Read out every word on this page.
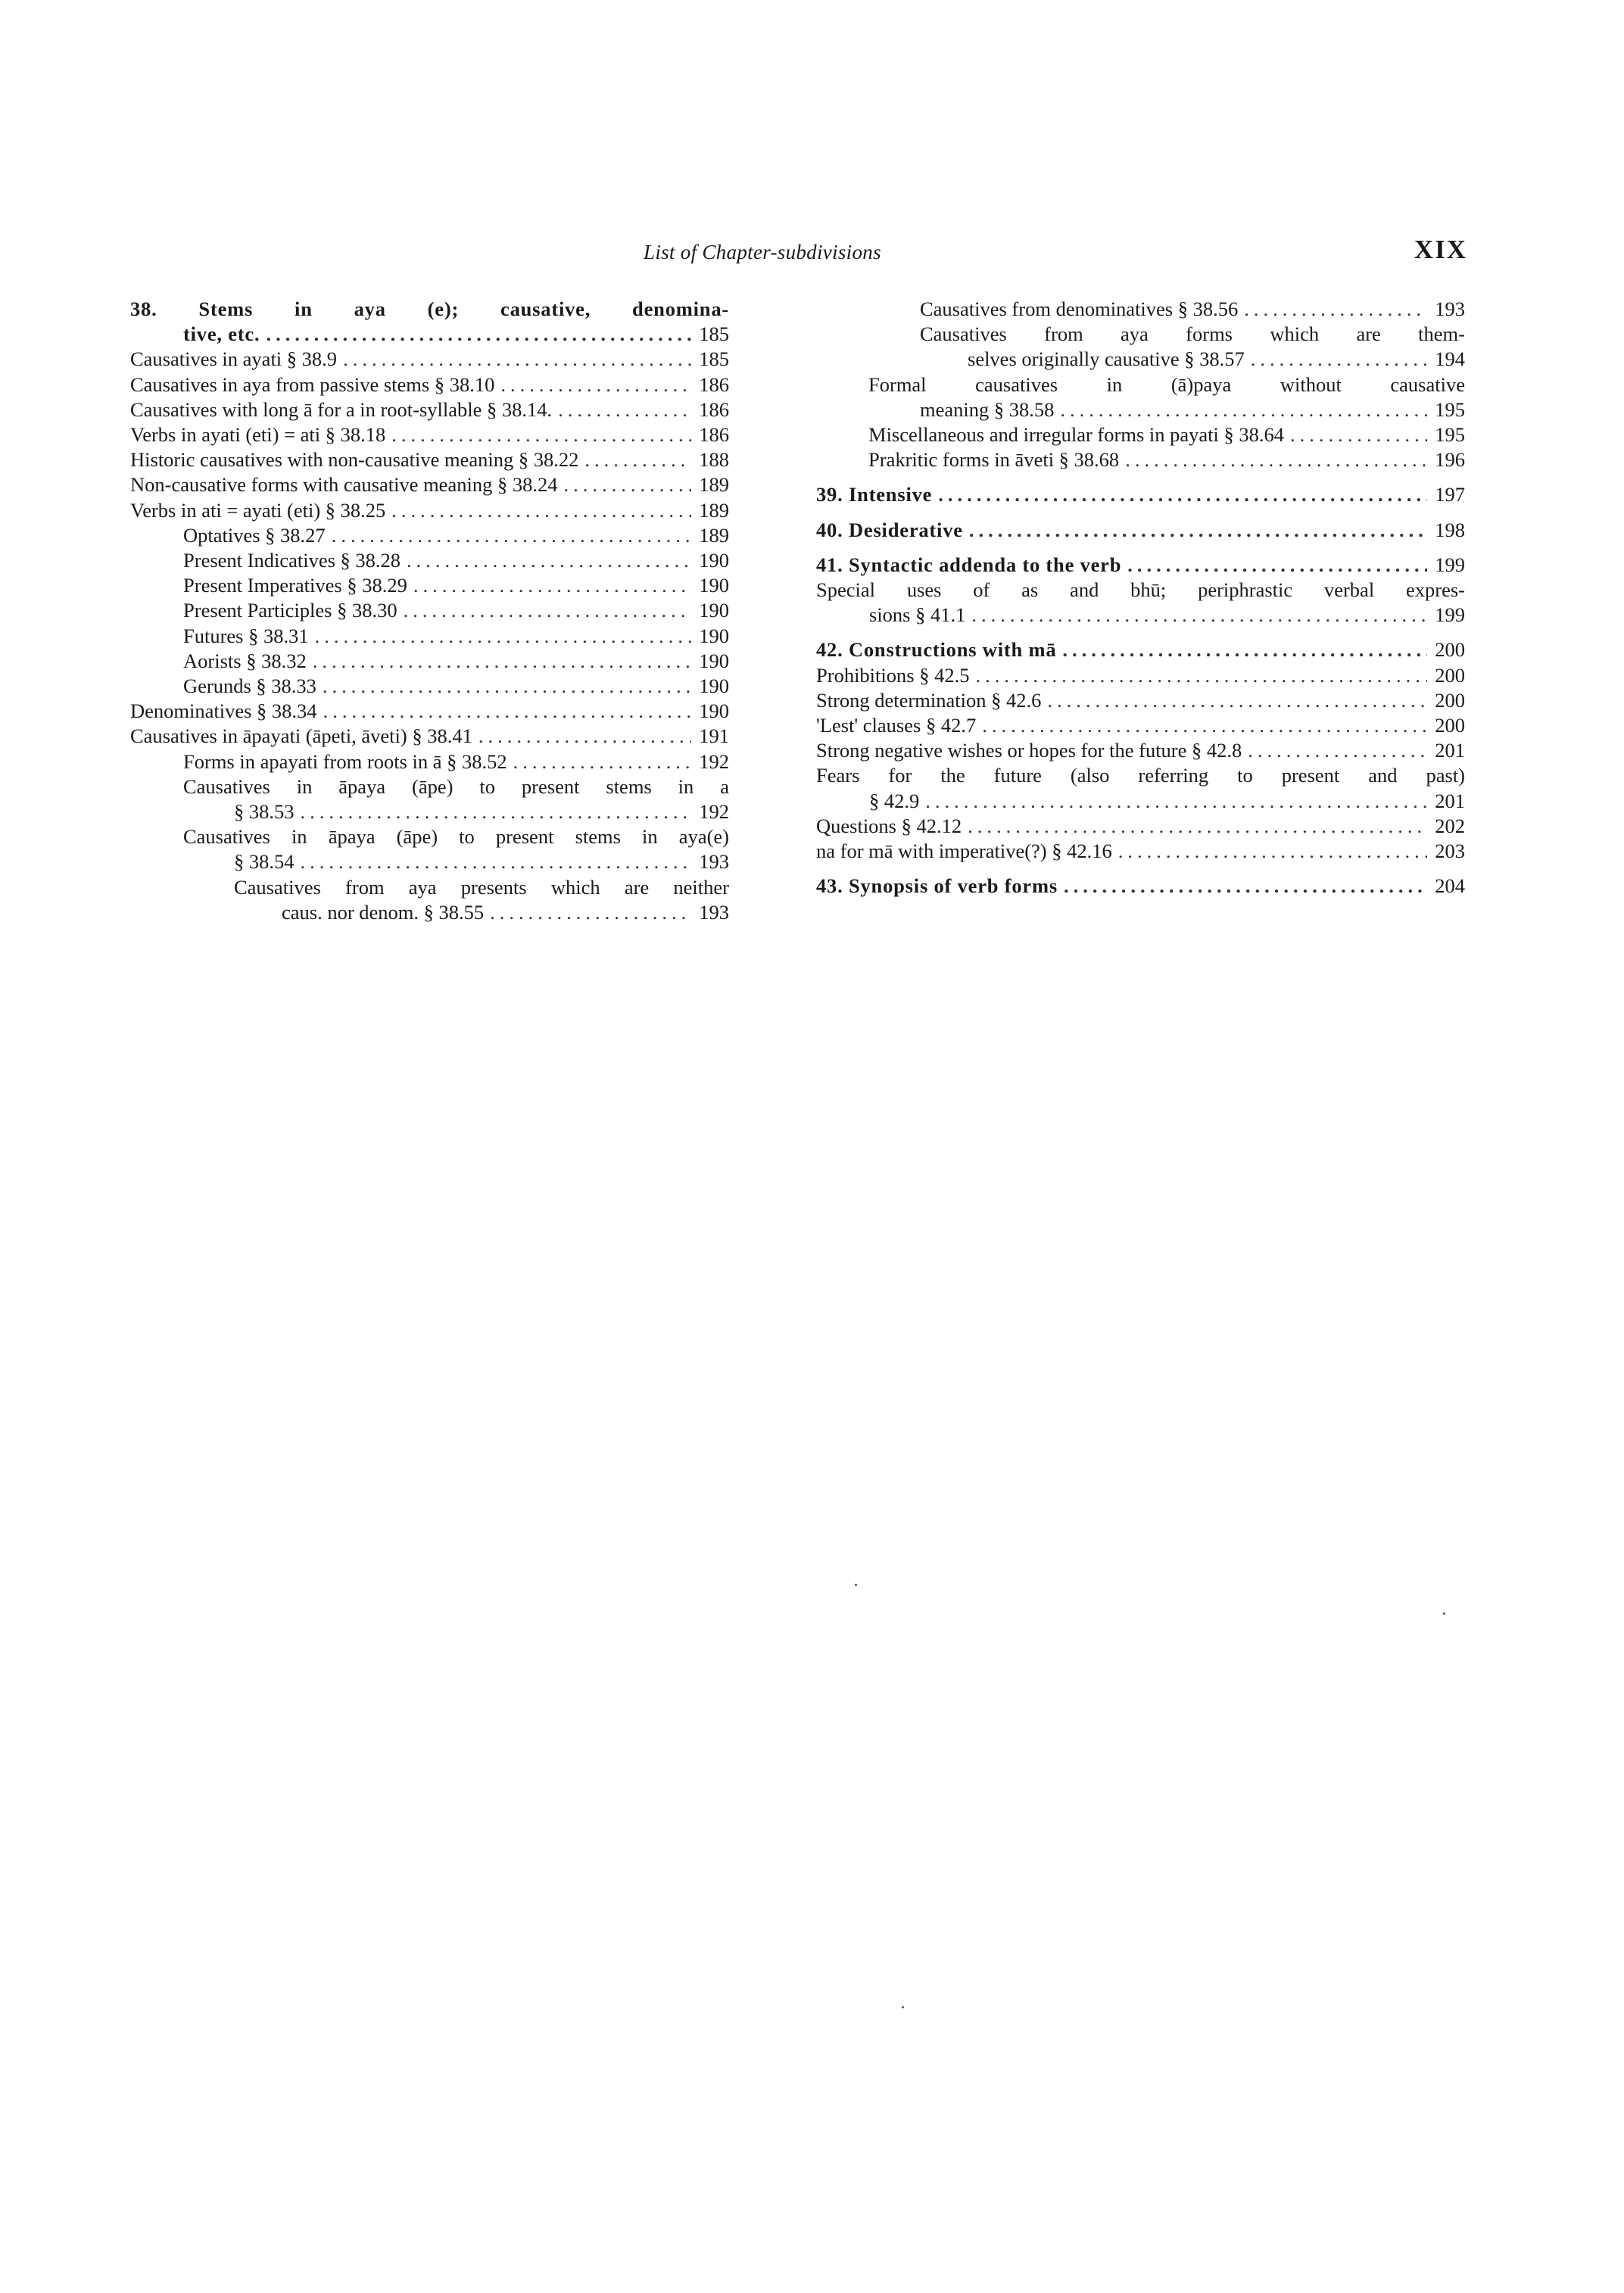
List of Chapter-subdivisions	XIX
38. Stems in aya (e); causative, denomina-
tive, etc. .....	185
Causatives in ayati § 38.9 .....	185
Causatives in aya from passive stems § 38.10 .....	186
Causatives with long ā for a in root-syllable § 38.14. .....	186
Verbs in ayati (eti) = ati § 38.18 .....	186
Historic causatives with non-causative meaning § 38.22 .....	188
Non-causative forms with causative meaning § 38.24 .....	189
Verbs in ati = ayati (eti) § 38.25 .....	189
Optatives § 38.27 .....	189
Present Indicatives § 38.28 .....	190
Present Imperatives § 38.29 .....	190
Present Participles § 38.30 .....	190
Futures § 38.31 .....	190
Aorists § 38.32 .....	190
Gerunds § 38.33 .....	190
Denominatives § 38.34 .....	190
Causatives in āpayati (āpeti, āveti) § 38.41 .....	191
Forms in apayati from roots in ā § 38.52 .....	192
Causatives in āpaya (āpe) to present stems in a
§ 38.53 .....	192
Causatives in āpaya (āpe) to present stems in aya(e)
§ 38.54 .....	193
Causatives from aya presents which are neither
caus. nor denom. § 38.55 .....	193
Causatives from denominatives § 38.56 .....	193
Causatives from aya forms which are them-
selves originally causative § 38.57 .....	194
Formal causatives in (ā)paya without causative
meaning § 38.58 .....	195
Miscellaneous and irregular forms in payati § 38.64 .....	195
Prakritic forms in āveti § 38.68 .....	196
39. Intensive .....	197
40. Desiderative .....	198
41. Syntactic addenda to the verb .....	199
Special uses of as and bhū; periphrastic verbal expres-
sions § 41.1 .....	199
42. Constructions with mā .....	200
Prohibitions § 42.5 .....	200
Strong determination § 42.6 .....	200
'Lest' clauses § 42.7 .....	200
Strong negative wishes or hopes for the future § 42.8 .....	201
Fears for the future (also referring to present and past)
§ 42.9 .....	201
Questions § 42.12 .....	202
na for mā with imperative(?) § 42.16 .....	203
43. Synopsis of verb forms .....	204
